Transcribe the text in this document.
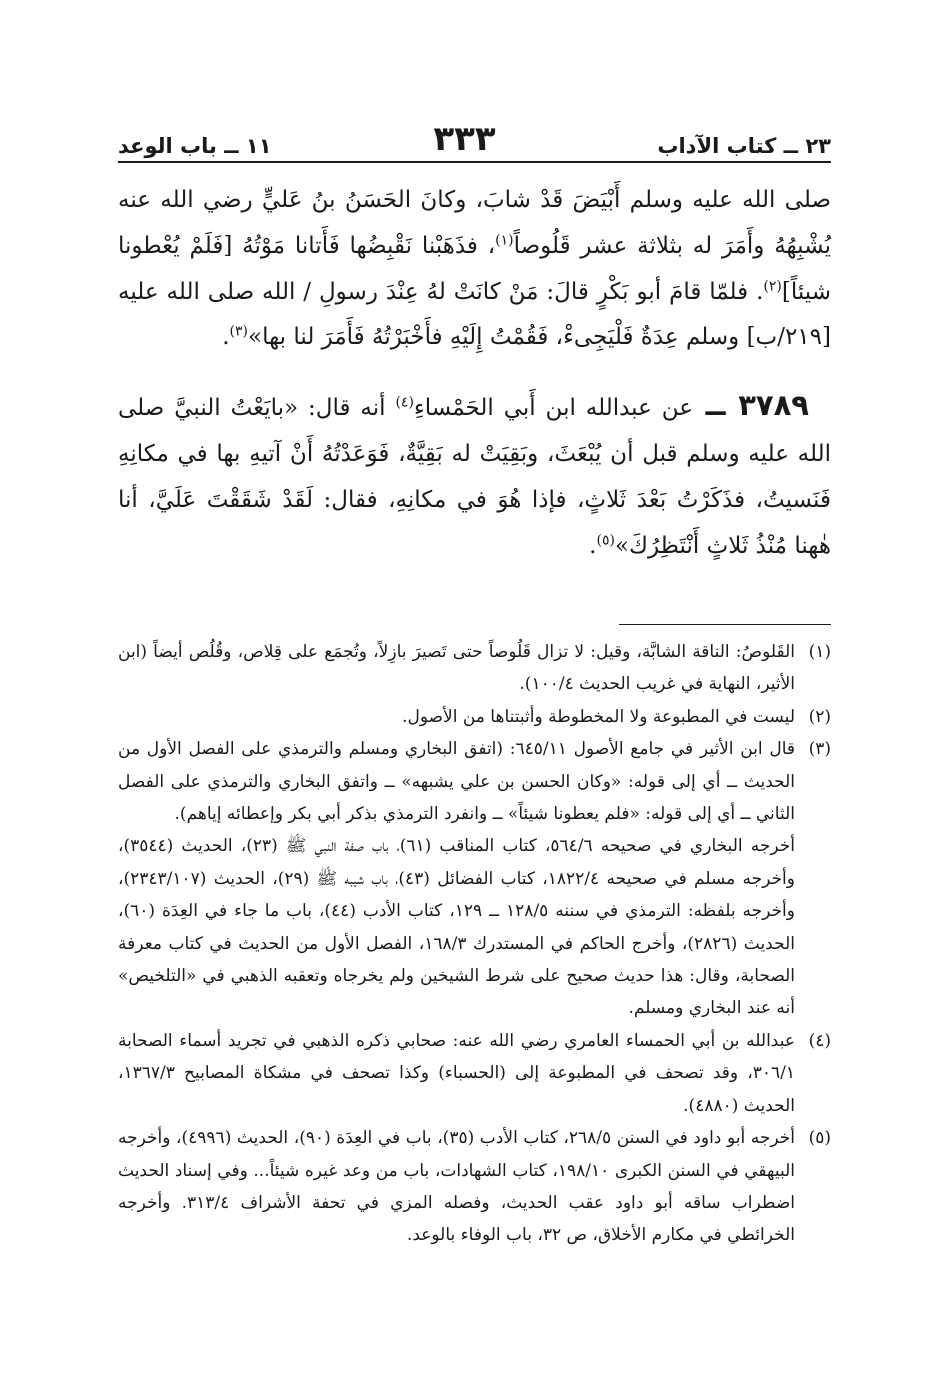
٢٣ ــ كتاب الآداب
٣٣٣
١١ ــ باب الوعد

صلى الله عليه وسلم أَبْيَضَ قَدْ شابَ، وكانَ الحَسَنُ بنُ عَليٍّ رضي الله عنه يُشْبِهُهُ وأَمَرَ له بثلاثة عشر قَلُوصاً$^{(١)}$، فذَهَبْنا نَقْبِضُها فَأَتانا مَوْتُهُ [فَلَمْ يُعْطونا شيئاً]$^{(٢)}$. فلمّا قامَ أبو بَكْرٍ قالَ: مَنْ كانَتْ لهُ عِنْدَ رسولِ / الله صلى الله عليه [٢١٩/ب] وسلم عِدَةٌ فَلْيَجِىءْ، فَقُمْتُ إِلَيْهِ فأَخْبَرْتُهُ فَأَمَرَ لنا بها»$^{(٣)}$.

٣٧٨٩ ــ عن عبدالله ابن أَبي الحَمْساءِ$^{(٤)}$ أنه قال: «بايَعْتُ النبيَّ صلى الله عليه وسلم قبل أن يُبْعَثَ، وبَقِيَتْ له بَقِيَّةٌ، فَوَعَدْتُهُ أَنْ آتيهِ بها في مكانِهِ فَنَسيتُ، فذَكَرْتُ بَعْدَ ثَلاثٍ، فإذا هُوَ في مكانِهِ، فقال: لَقَدْ شَقَقْتَ عَلَيَّ، أنا هٰهنا مُنْذُ ثَلاثٍ أَنْتَظِرُكَ»$^{(٥)}$.

(١)

القَلوصُ: الناقة الشابَّة، وقيل: لا تزال قَلُوصاً حتى تَصيرَ بازِلاً، وتُجمَع على قِلاص، وقُلُص أيضاً (ابن الأثير، النهاية في غريب الحديث ١٠٠/٤).

(٢)

ليست في المطبوعة ولا المخطوطة وأثبتناها من الأصول.

(٣)

قال ابن الأثير في جامع الأصول ٦٤٥/١١: (اتفق البخاري ومسلم والترمذي على الفصل الأول من الحديث ــ أي إلى قوله: «وكان الحسن بن علي يشبهه» ــ واتفق البخاري والترمذي على الفصل الثاني ــ أي إلى قوله: «فلم يعطونا شيئاً» ــ وانفرد الترمذي بذكر أبي بكر وإعطائه إياهم).

أخرجه البخاري في صحيحه ٥٦٤/٦، كتاب المناقب (٦١)، باب صفة النبي ﷺ (٢٣)، الحديث (٣٥٤٤)، وأخرجه مسلم في صحيحه ١٨٢٢/٤، كتاب الفضائل (٤٣)، باب شيبه ﷺ (٢٩)، الحديث (٢٣٤٣/١٠٧)، وأخرجه بلفظه: الترمذي في سننه ١٢٨/٥ ــ ١٢٩، كتاب الأدب (٤٤)، باب ما جاء في العِدَة (٦٠)، الحديث (٢٨٢٦)، وأخرج الحاكم في المستدرك ١٦٨/٣، الفصل الأول من الحديث في كتاب معرفة الصحابة، وقال: هذا حديث صحيح على شرط الشيخين ولم يخرجاه وتعقبه الذهبي في «التلخيص» أنه عند البخاري ومسلم.

(٤)

عبدالله بن أبي الحمساء العامري رضي الله عنه: صحابي ذكره الذهبي في تجريد أسماء الصحابة ٣٠٦/١، وقد تصحف في المطبوعة إلى (الحسباء) وكذا تصحف في مشكاة المصابيح ١٣٦٧/٣، الحديث (٤٨٨٠).

(٥)

أخرجه أبو داود في السنن ٢٦٨/٥، كتاب الأدب (٣٥)، باب في العِدَة (٩٠)، الحديث (٤٩٩٦)، وأخرجه البيهقي في السنن الكبرى ١٩٨/١٠، كتاب الشهادات، باب من وعد غيره شيئاً... وفي إسناد الحديث اضطراب ساقه أبو داود عقب الحديث، وفصله المزي في تحفة الأشراف ٣١٣/٤. وأخرجه الخرائطي في مكارم الأخلاق، ص ٣٢، باب الوفاء بالوعد.
